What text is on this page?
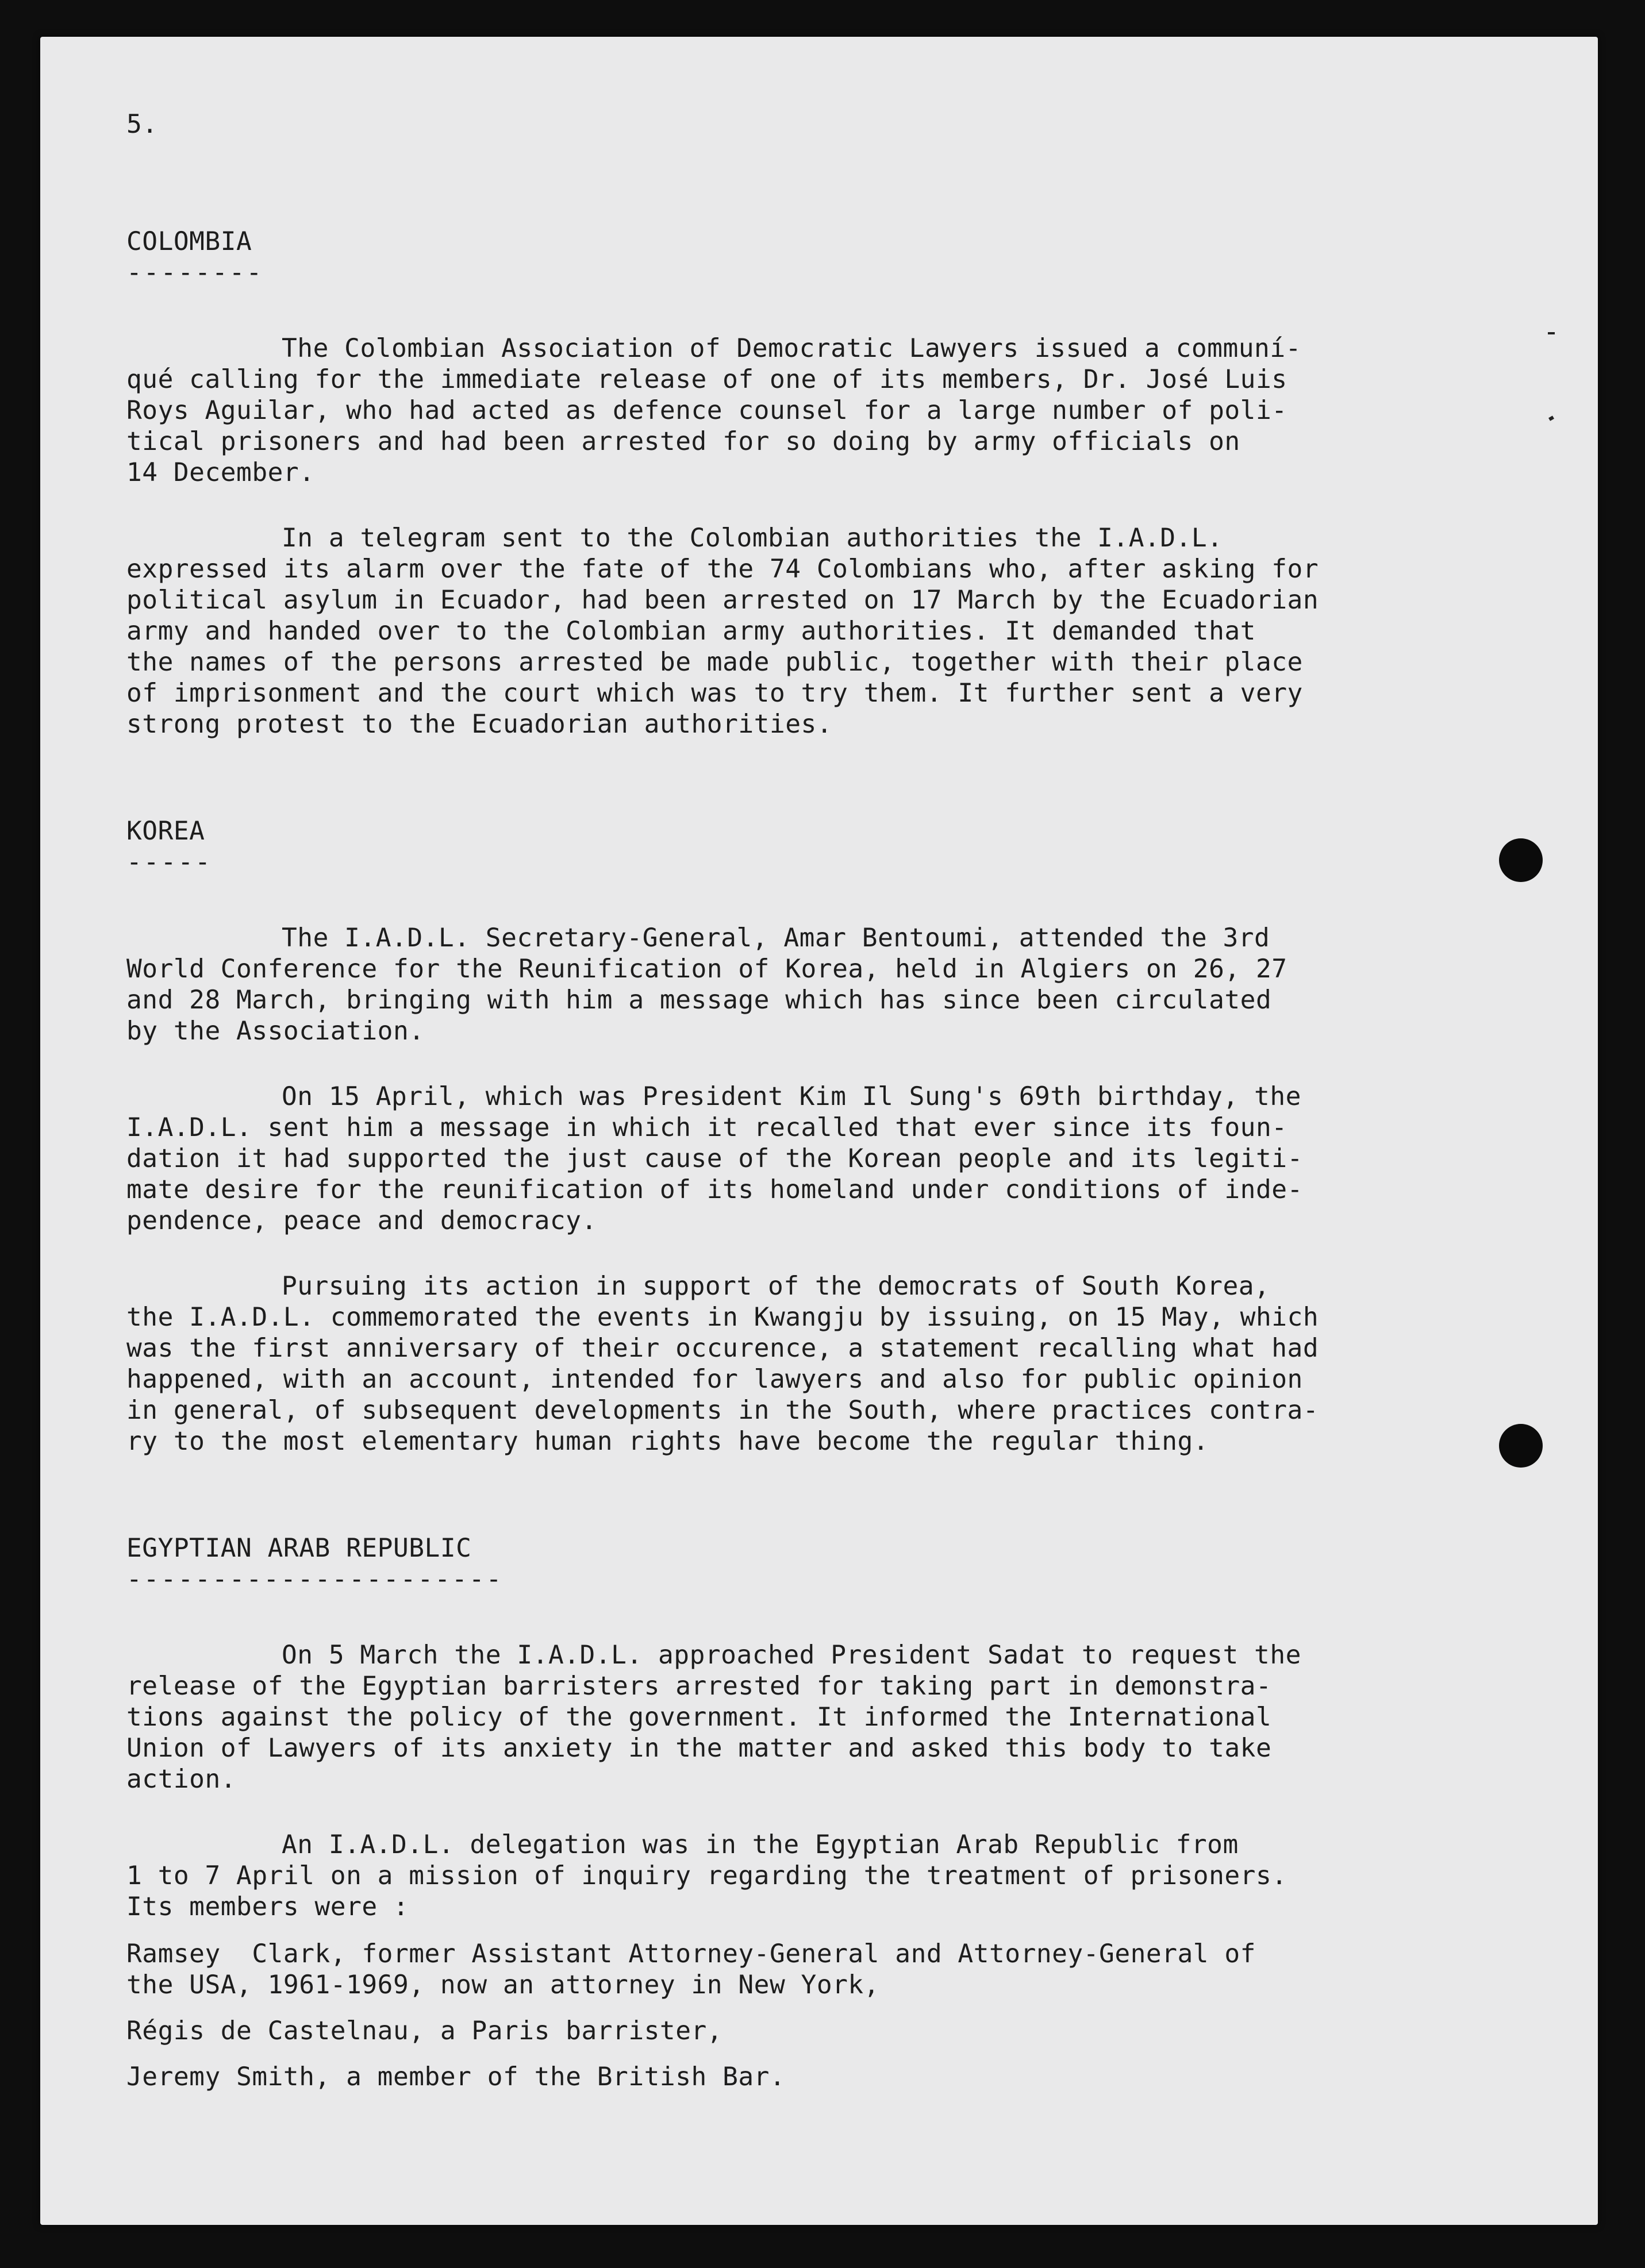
5.
COLOMBIA
--------
The Colombian Association of Democratic Lawyers issued a communí-
qué calling for the immediate release of one of its members, Dr. José Luis
Roys Aguilar, who had acted as defence counsel for a large number of poli-
tical prisoners and had been arrested for so doing by army officials on
14 December.
In a telegram sent to the Colombian authorities the I.A.D.L.
expressed its alarm over the fate of the 74 Colombians who, after asking for
political asylum in Ecuador, had been arrested on 17 March by the Ecuadorian
army and handed over to the Colombian army authorities. It demanded that
the names of the persons arrested be made public, together with their place
of imprisonment and the court which was to try them. It further sent a very
strong protest to the Ecuadorian authorities.
KOREA
-----
The I.A.D.L. Secretary-General, Amar Bentoumi, attended the 3rd
World Conference for the Reunification of Korea, held in Algiers on 26, 27
and 28 March, bringing with him a message which has since been circulated
by the Association.
On 15 April, which was President Kim Il Sung's 69th birthday, the
I.A.D.L. sent him a message in which it recalled that ever since its foun-
dation it had supported the just cause of the Korean people and its legiti-
mate desire for the reunification of its homeland under conditions of inde-
pendence, peace and democracy.
Pursuing its action in support of the democrats of South Korea,
the I.A.D.L. commemorated the events in Kwangju by issuing, on 15 May, which
was the first anniversary of their occurence, a statement recalling what had
happened, with an account, intended for lawyers and also for public opinion
in general, of subsequent developments in the South, where practices contra-
ry to the most elementary human rights have become the regular thing.
EGYPTIAN ARAB REPUBLIC
----------------------
On 5 March the I.A.D.L. approached President Sadat to request the
release of the Egyptian barristers arrested for taking part in demonstra-
tions against the policy of the government. It informed the International
Union of Lawyers of its anxiety in the matter and asked this body to take
action.
An I.A.D.L. delegation was in the Egyptian Arab Republic from
1 to 7 April on a mission of inquiry regarding the treatment of prisoners.
Its members were :
Ramsey  Clark, former Assistant Attorney-General and Attorney-General of
the USA, 1961-1969, now an attorney in New York,
Régis de Castelnau, a Paris barrister,
Jeremy Smith, a member of the British Bar.
